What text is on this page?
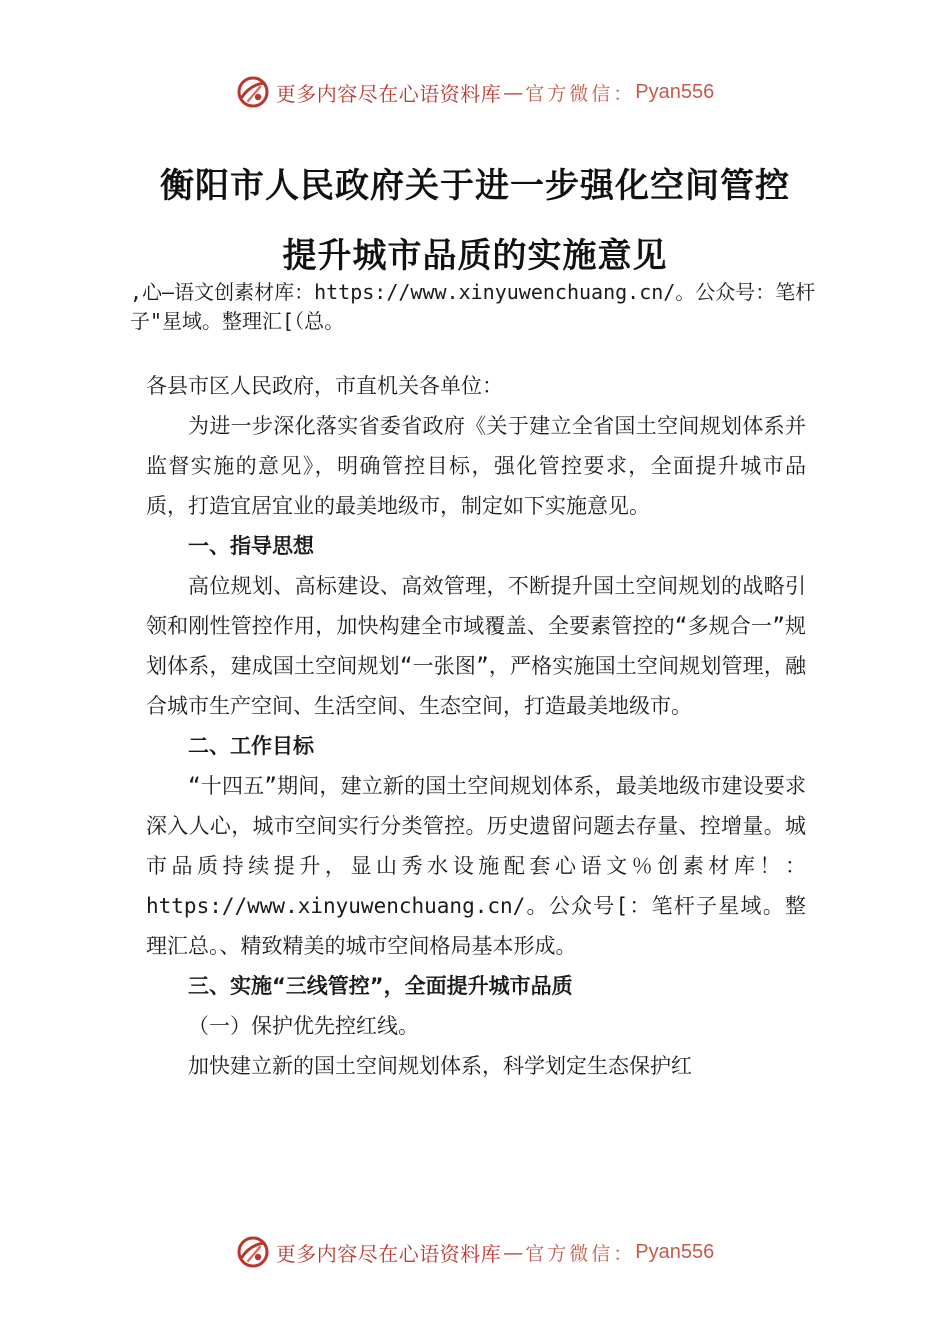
更多内容尽在心语资料库 — 官方微信： Pyan556
衡阳市人民政府关于进一步强化空间管控
提升城市品质的实施意见
,心—语文创素材库：https://www.xinyuwenchuang.cn/。公众号：笔杆子"星域。整理汇[（总。

各县市区人民政府，市直机关各单位：

为进一步深化落实省委省政府《关于建立全省国土空间规划体系并监督实施的意见》，明确管控目标，强化管控要求，全面提升城市品质，打造宜居宜业的最美地级市，制定如下实施意见。

一、指导思想

高位规划、高标建设、高效管理，不断提升国土空间规划的战略引领和刚性管控作用，加快构建全市域覆盖、全要素管控的“多规合一”规划体系，建成国土空间规划“一张图”，严格实施国土空间规划管理，融合城市生产空间、生活空间、生态空间，打造最美地级市。

二、工作目标

“十四五”期间，建立新的国土空间规划体系，最美地级市建设要求深入人心，城市空间实行分类管控。历史遗留问题去存量、控增量。城市品质持续提升，显山秀水设施配套心语文％创素材库！：https://www.xinyuwenchuang.cn/。公众号[：笔杆子星域。整理汇总。、精致精美的城市空间格局基本形成。

三、实施“三线管控”，全面提升城市品质

（一）保护优先控红线。

加快建立新的国土空间规划体系，科学划定生态保护红

更多内容尽在心语资料库 — 官方微信： Pyan556
